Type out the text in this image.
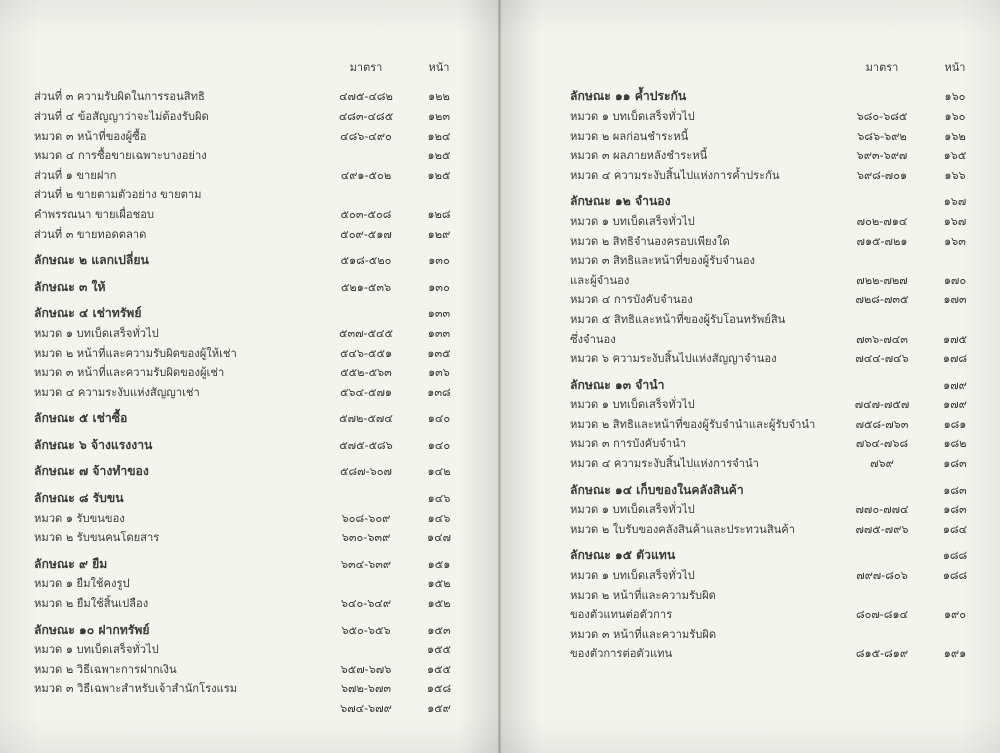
	มาตรา	หน้า
ส่วนที่ ๓ ความรับผิดในการรอนสิทธิ	๔๗๕-๔๘๒	๑๒๒
ส่วนที่ ๔ ข้อสัญญาว่าจะไม่ต้องรับผิด	๔๘๓-๔๘๕	๑๒๓
หมวด ๓ หน้าที่ของผู้ซื้อ	๔๘๖-๔๙๐	๑๒๔
หมวด ๔ การซื้อขายเฉพาะบางอย่าง		๑๒๕
ส่วนที่ ๑ ขายฝาก	๔๙๑-๕๐๒	๑๒๕
ส่วนที่ ๒ ขายตามตัวอย่าง ขายตาม		
คำพรรณนา ขายเผื่อชอบ	๕๐๓-๕๐๘	๑๒๘
ส่วนที่ ๓ ขายทอดตลาด	๕๐๙-๕๑๗	๑๒๙

ลักษณะ ๒ แลกเปลี่ยน	๕๑๘-๕๒๐	๑๓๐

ลักษณะ ๓ ให้	๕๒๑-๕๓๖	๑๓๐

ลักษณะ ๔ เช่าทรัพย์		๑๓๓
หมวด ๑ บทเบ็ดเสร็จทั่วไป	๕๓๗-๕๔๕	๑๓๓
หมวด ๒ หน้าที่และความรับผิดของผู้ให้เช่า	๕๔๖-๕๕๑	๑๓๕
หมวด ๓ หน้าที่และความรับผิดของผู้เช่า	๕๕๒-๕๖๓	๑๓๖
หมวด ๔ ความระงับแห่งสัญญาเช่า	๕๖๔-๕๗๑	๑๓๘

ลักษณะ ๕ เช่าซื้อ	๕๗๒-๕๗๔	๑๔๐

ลักษณะ ๖ จ้างแรงงาน	๕๗๕-๕๘๖	๑๔๐

ลักษณะ ๗ จ้างทำของ	๕๘๗-๖๐๗	๑๔๒

ลักษณะ ๘ รับขน		๑๔๖
หมวด ๑ รับขนของ	๖๐๘-๖๐๙	๑๔๖
หมวด ๒ รับขนคนโดยสาร	๖๓๐-๖๓๙	๑๔๗

ลักษณะ ๙ ยืม	๖๓๔-๖๓๙	๑๕๑
หมวด ๑ ยืมใช้คงรูป		๑๕๒
หมวด ๒ ยืมใช้สิ้นเปลือง	๖๔๐-๖๔๙	๑๕๒

ลักษณะ ๑๐ ฝากทรัพย์	๖๕๐-๖๕๖	๑๕๓
หมวด ๑ บทเบ็ดเสร็จทั่วไป		๑๕๕
หมวด ๒ วิธีเฉพาะการฝากเงิน	๖๕๗-๖๗๖	๑๕๕
หมวด ๓ วิธีเฉพาะสำหรับเจ้าสำนักโรงแรม	๖๗๒-๖๗๓	๑๕๘
	๖๗๔-๖๗๙	๑๕๙
	มาตรา	หน้า
ลักษณะ ๑๑ ค้ำประกัน		๑๖๐
หมวด ๑ บทเบ็ดเสร็จทั่วไป	๖๘๐-๖๘๕	๑๖๐
หมวด ๒ ผลก่อนชำระหนี้	๖๘๖-๖๙๒	๑๖๒
หมวด ๓ ผลภายหลังชำระหนี้	๖๙๓-๖๙๗	๑๖๕
หมวด ๔ ความระงับสิ้นไปแห่งการค้ำประกัน	๖๙๘-๗๐๑	๑๖๖

ลักษณะ ๑๒ จำนอง		๑๖๗
หมวด ๑ บทเบ็ดเสร็จทั่วไป	๗๐๒-๗๑๔	๑๖๗
หมวด ๒ สิทธิจำนองครอบเพียงใด	๗๑๕-๗๒๑	๑๖๓
หมวด ๓ สิทธิและหน้าที่ของผู้รับจำนอง		
และผู้จำนอง	๗๒๒-๗๒๗	๑๗๐
หมวด ๔ การบังคับจำนอง	๗๒๘-๗๓๕	๑๗๓
หมวด ๕ สิทธิและหน้าที่ของผู้รับโอนทรัพย์สิน		
ซึ่งจำนอง	๗๓๖-๗๔๓	๑๗๕
หมวด ๖ ความระงับสิ้นไปแห่งสัญญาจำนอง	๗๔๔-๗๔๖	๑๗๘

ลักษณะ ๑๓ จำนำ		๑๗๙
หมวด ๑ บทเบ็ดเสร็จทั่วไป	๗๔๗-๗๕๗	๑๗๙
หมวด ๒ สิทธิและหน้าที่ของผู้รับจำนำและผู้รับจำนำ	๗๕๘-๗๖๓	๑๘๑
หมวด ๓ การบังคับจำนำ	๗๖๔-๗๖๘	๑๘๒
หมวด ๔ ความระงับสิ้นไปแห่งการจำนำ	๗๖๙	๑๘๓

ลักษณะ ๑๔ เก็บของในคลังสินค้า		๑๘๓
หมวด ๑ บทเบ็ดเสร็จทั่วไป	๗๗๐-๗๗๔	๑๘๓
หมวด ๒ ใบรับของคลังสินค้าและประทวนสินค้า	๗๗๕-๗๙๖	๑๘๔

ลักษณะ ๑๕ ตัวแทน		๑๘๘
หมวด ๑ บทเบ็ดเสร็จทั่วไป	๗๙๗-๘๐๖	๑๘๘
หมวด ๒ หน้าที่และความรับผิด		
ของตัวแทนต่อตัวการ	๘๐๗-๘๑๔	๑๙๐
หมวด ๓ หน้าที่และความรับผิด		
ของตัวการต่อตัวแทน	๘๑๕-๘๑๙	๑๙๑
